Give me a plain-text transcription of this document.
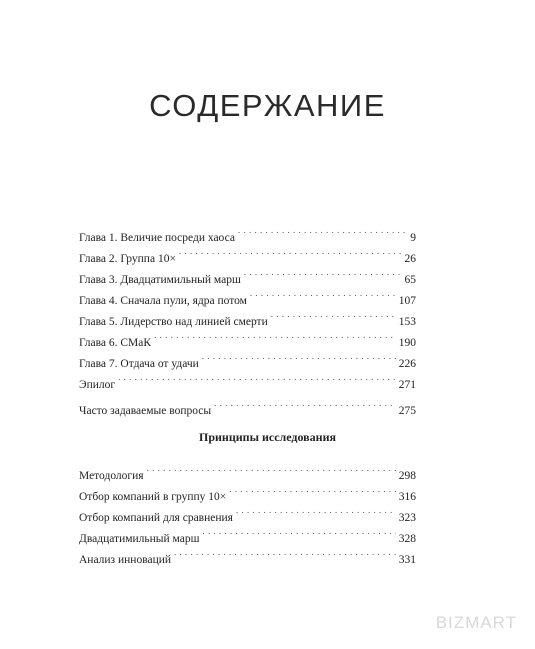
СОДЕРЖАНИЕ
Глава 1. Величие посреди хаоса . . .	9
Глава 2. Группа 10× . . .	26
Глава 3. Двадцатимильный марш . . .	65
Глава 4. Сначала пули, ядра потом . . .	107
Глава 5. Лидерство над линией смерти . . .	153
Глава 6. СМаК . . .	190
Глава 7. Отдача от удачи . . .	226
Эпилог . . .	271
Часто задаваемые вопросы . . .	275
Принципы исследования
Методология . . .	298
Отбор компаний в группу 10× . . .	316
Отбор компаний для сравнения . . .	323
Двадцатимильный марш . . .	328
Анализ инноваций . . .	331
BIZMART
